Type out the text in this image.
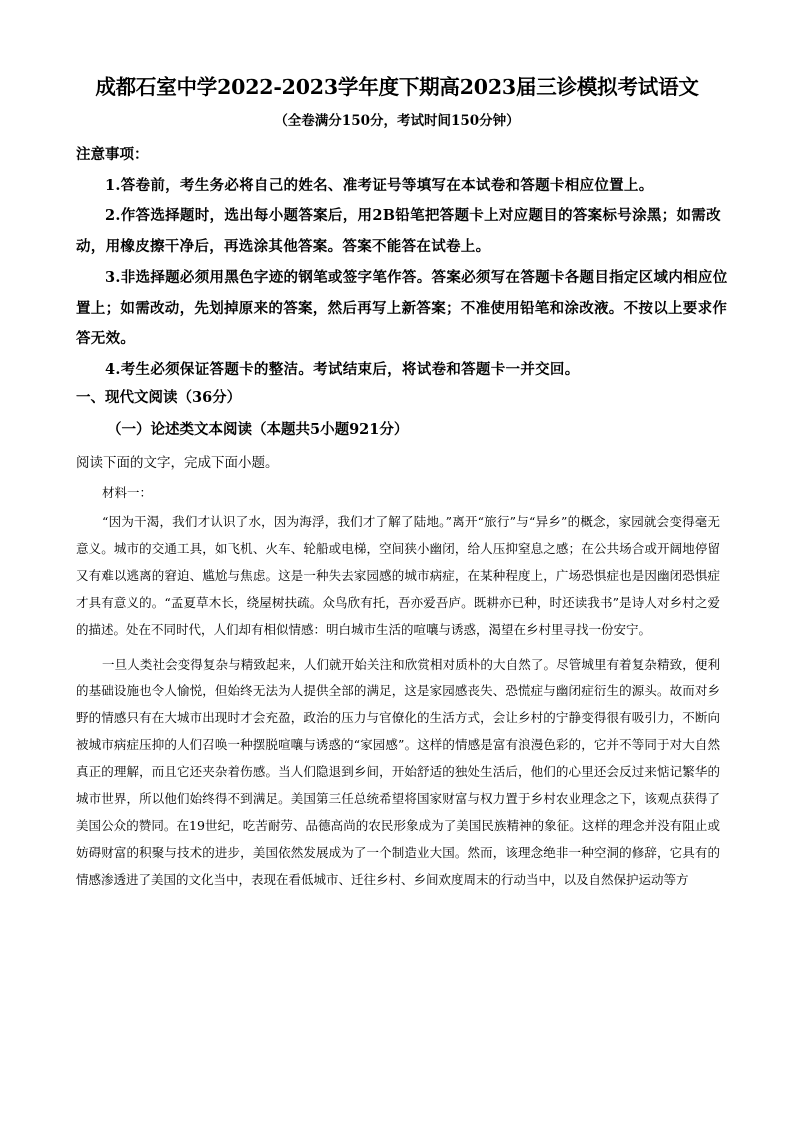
成都石室中学2022-2023学年度下期高2023届三诊模拟考试语文
（全卷满分150分，考试时间150分钟）

注意事项：

1.答卷前，考生务必将自己的姓名、准考证号等填写在本试卷和答题卡相应位置上。

2.作答选择题时，选出每小题答案后，用2B铅笔把答题卡上对应题目的答案标号涂黑；如需改动，用橡皮擦干净后，再选涂其他答案。答案不能答在试卷上。

3.非选择题必须用黑色字迹的钢笔或签字笔作答。答案必须写在答题卡各题目指定区域内相应位置上；如需改动，先划掉原来的答案，然后再写上新答案；不准使用铅笔和涂改液。不按以上要求作答无效。

4.考生必须保证答题卡的整洁。考试结束后，将试卷和答题卡一并交回。

一、现代文阅读（36分）
（一）论述类文本阅读（本题共5小题921分）
阅读下面的文字，完成下面小题。
材料一：

“因为干渴，我们才认识了水，因为海浮，我们才了解了陆地。”离开“旅行”与“异乡”的概念，家园就会变得毫无意义。城市的交通工具，如飞机、火车、轮船或电梯，空间狭小幽闭，给人压抑窒息之感；在公共场合或开阔地停留又有难以逃离的窘迫、尴尬与焦虑。这是一种失去家园感的城市病症，在某种程度上，广场恐惧症也是因幽闭恐惧症才具有意义的。“孟夏草木长，绕屋树扶疏。众鸟欣有托，吾亦爱吾庐。既耕亦已种，时还读我书”是诗人对乡村之爱的描述。处在不同时代，人们却有相似情感：明白城市生活的喧嚷与诱惑，渴望在乡村里寻找一份安宁。

一旦人类社会变得复杂与精致起来，人们就开始关注和欣赏相对质朴的大自然了。尽管城里有着复杂精致，便利的基础设施也令人愉悦，但始终无法为人提供全部的满足，这是家园感丧失、恐慌症与幽闭症衍生的源头。故而对乡野的情感只有在大城市出现时才会充盈，政治的压力与官僚化的生活方式，会让乡村的宁静变得很有吸引力，不断向被城市病症压抑的人们召唤一种摆脱喧嚷与诱惑的“家园感”。这样的情感是富有浪漫色彩的，它并不等同于对大自然真正的理解，而且它还夹杂着伤感。当人们隐退到乡间，开始舒适的独处生活后，他们的心里还会反过来惦记繁华的城市世界，所以他们始终得不到满足。美国第三任总统希望将国家财富与权力置于乡村农业理念之下，该观点获得了美国公众的赞同。在19世纪，吃苦耐劳、品德高尚的农民形象成为了美国民族精神的象征。这样的理念并没有阻止或妨碍财富的积聚与技术的进步，美国依然发展成为了一个制造业大国。然而，该理念绝非一种空洞的修辞，它具有的情感渗透进了美国的文化当中，表现在看低城市、迁往乡村、乡间欢度周末的行动当中，以及自然保护运动等方
